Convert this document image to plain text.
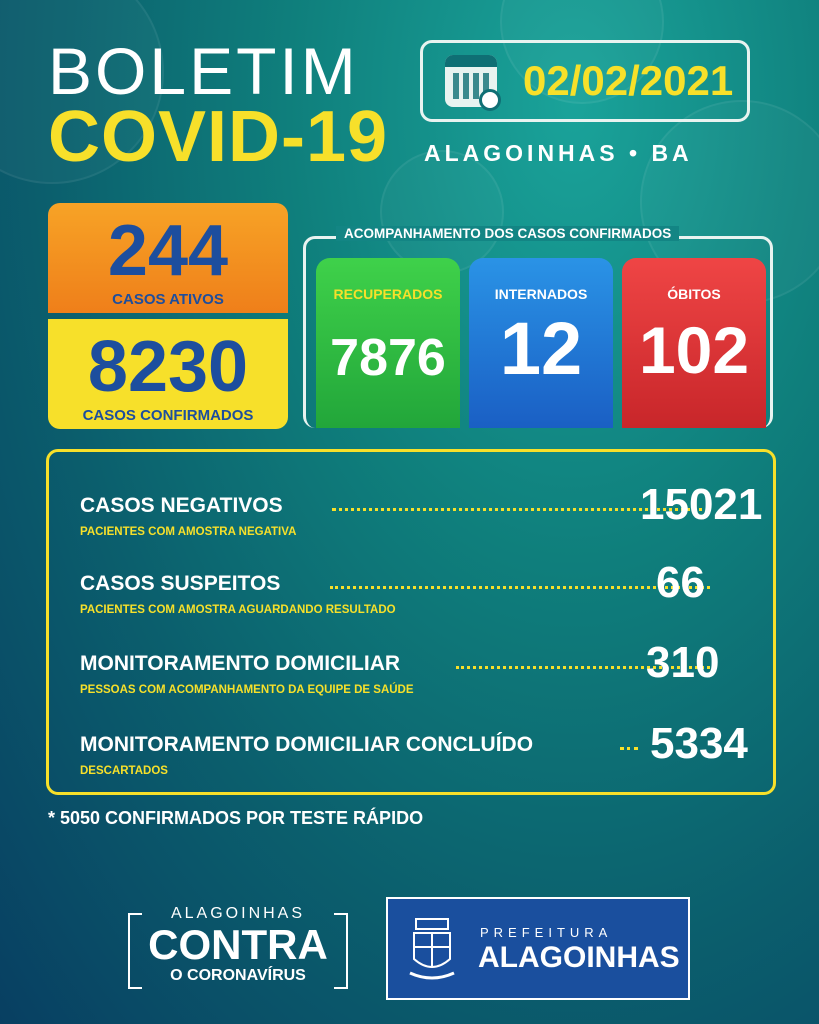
BOLETIM
COVID-19
02/02/2021
ALAGOINHAS • BA
244
CASOS ATIVOS
8230
CASOS CONFIRMADOS
ACOMPANHAMENTO DOS CASOS CONFIRMADOS
RECUPERADOS
7876
INTERNADOS
12
ÓBITOS
102
CASOS NEGATIVOS	15021
PACIENTES COM AMOSTRA NEGATIVA
CASOS SUSPEITOS	66
PACIENTES COM AMOSTRA AGUARDANDO RESULTADO
MONITORAMENTO DOMICILIAR	310
PESSOAS COM ACOMPANHAMENTO DA EQUIPE DE SAÚDE
MONITORAMENTO DOMICILIAR CONCLUÍDO	5334
DESCARTADOS
* 5050 CONFIRMADOS POR TESTE RÁPIDO
ALAGOINHAS
CONTRA
O CORONAVÍRUS
PREFEITURA
ALAGOINHAS
